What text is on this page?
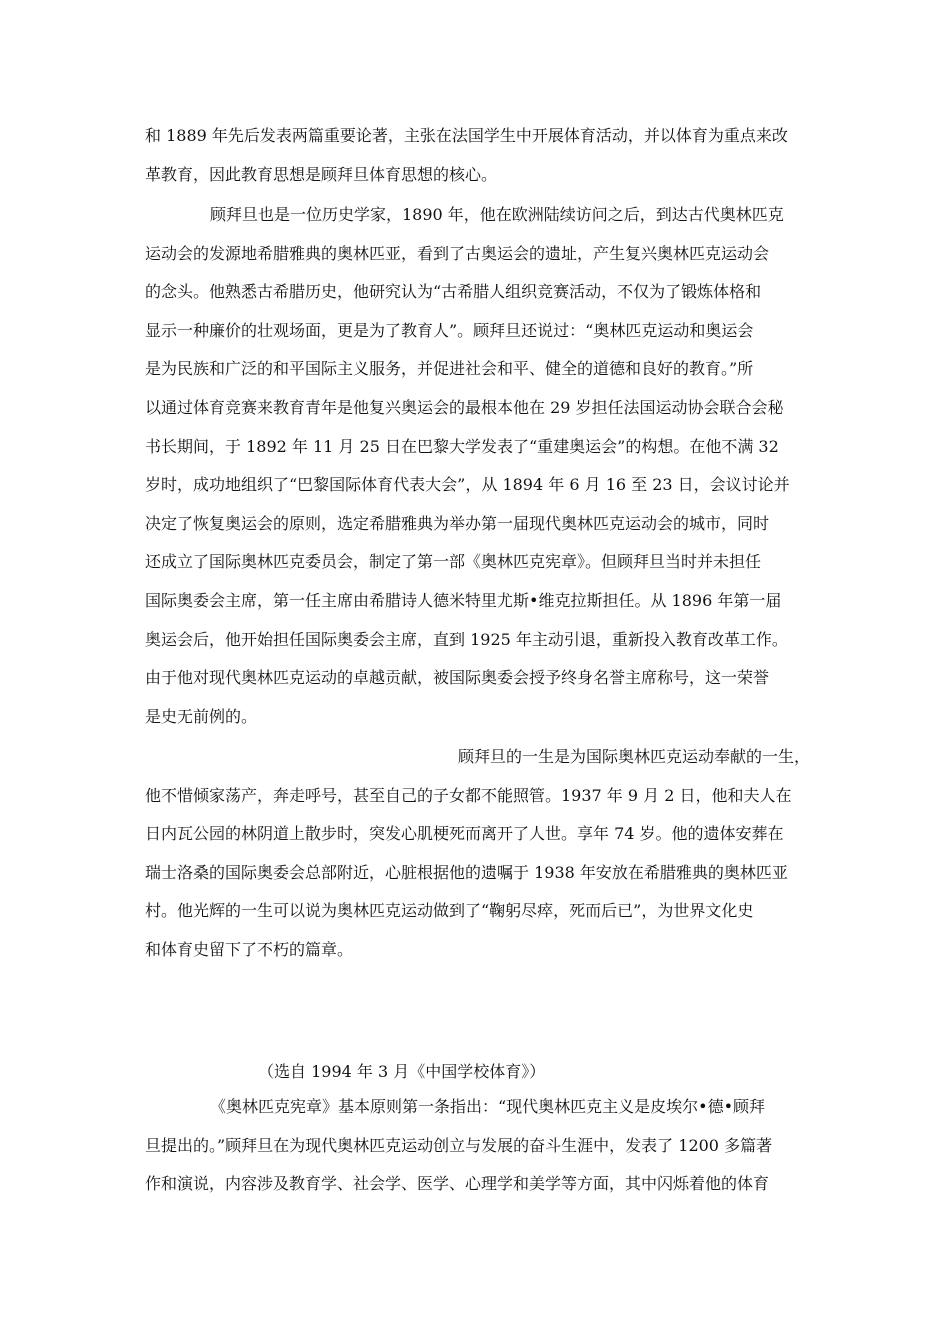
和 1889 年先后发表两篇重要论著，主张在法国学生中开展体育活动，并以体育为重点来改
革教育，因此教育思想是顾拜旦体育思想的核心。
顾拜旦也是一位历史学家，1890 年，他在欧洲陆续访问之后，到达古代奥林匹克
运动会的发源地希腊雅典的奥林匹亚，看到了古奥运会的遗址，产生复兴奥林匹克运动会
的念头。他熟悉古希腊历史，他研究认为“古希腊人组织竞赛活动，不仅为了锻炼体格和
显示一种廉价的壮观场面，更是为了教育人”。顾拜旦还说过：“奥林匹克运动和奥运会
是为民族和广泛的和平国际主义服务，并促进社会和平、健全的道德和良好的教育。”所
以通过体育竞赛来教育青年是他复兴奥运会的最根本他在 29 岁担任法国运动协会联合会秘
书长期间，于 1892 年 11 月 25 日在巴黎大学发表了“重建奥运会”的构想。在他不满 32
岁时，成功地组织了“巴黎国际体育代表大会”，从 1894 年 6 月 16 至 23 日，会议讨论并
决定了恢复奥运会的原则，选定希腊雅典为举办第一届现代奥林匹克运动会的城市，同时
还成立了国际奥林匹克委员会，制定了第一部《奥林匹克宪章》。但顾拜旦当时并未担任
国际奥委会主席，第一任主席由希腊诗人德米特里尤斯•维克拉斯担任。从 1896 年第一届
奥运会后，他开始担任国际奥委会主席，直到 1925 年主动引退，重新投入教育改革工作。
由于他对现代奥林匹克运动的卓越贡献，被国际奥委会授予终身名誉主席称号，这一荣誉
是史无前例的。
顾拜旦的一生是为国际奥林匹克运动奉献的一生，
他不惜倾家荡产，奔走呼号，甚至自己的子女都不能照管。1937 年 9 月 2 日，他和夫人在
日内瓦公园的林阴道上散步时，突发心肌梗死而离开了人世。享年 74 岁。他的遗体安葬在
瑞士洛桑的国际奥委会总部附近，心脏根据他的遗嘱于 1938 年安放在希腊雅典的奥林匹亚
村。他光辉的一生可以说为奥林匹克运动做到了“鞠躬尽瘁，死而后已”，为世界文化史
和体育史留下了不朽的篇章。
（选自 1994 年 3 月《中国学校体育》）
《奥林匹克宪章》基本原则第一条指出：“现代奥林匹克主义是皮埃尔•德•顾拜
旦提出的。”顾拜旦在为现代奥林匹克运动创立与发展的奋斗生涯中，发表了 1200 多篇著
作和演说，内容涉及教育学、社会学、医学、心理学和美学等方面，其中闪烁着他的体育
